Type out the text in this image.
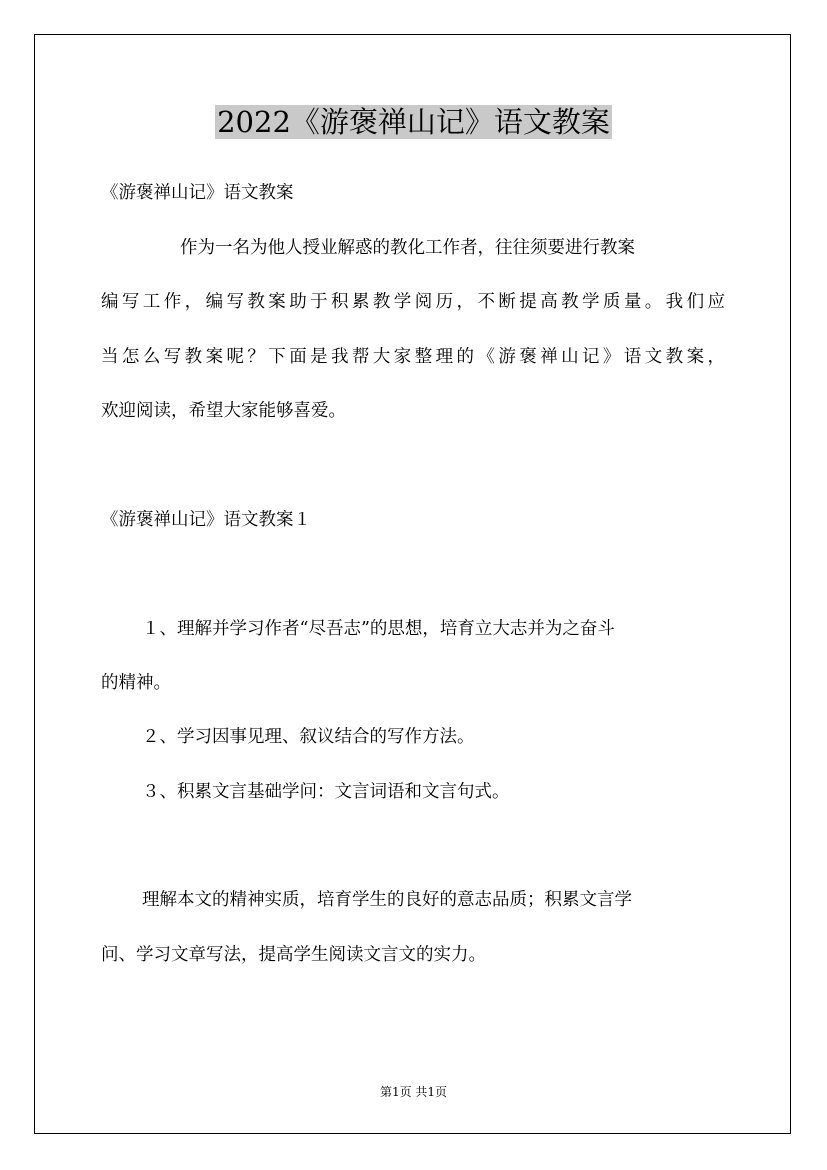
2022《游褒禅山记》语文教案

《游褒禅山记》语文教案

作为一名为他人授业解惑的教化工作者，往往须要进行教案

编写工作，编写教案助于积累教学阅历，不断提高教学质量。我们应

当怎么写教案呢？下面是我帮大家整理的《游褒禅山记》语文教案，

欢迎阅读，希望大家能够喜爱。

《游褒禅山记》语文教案１

１、理解并学习作者“尽吾志”的思想，培育立大志并为之奋斗

的精神。

２、学习因事见理、叙议结合的写作方法。

３、积累文言基础学问：文言词语和文言句式。

理解本文的精神实质，培育学生的良好的意志品质；积累文言学

问、学习文章写法，提高学生阅读文言文的实力。

第1页 共1页
